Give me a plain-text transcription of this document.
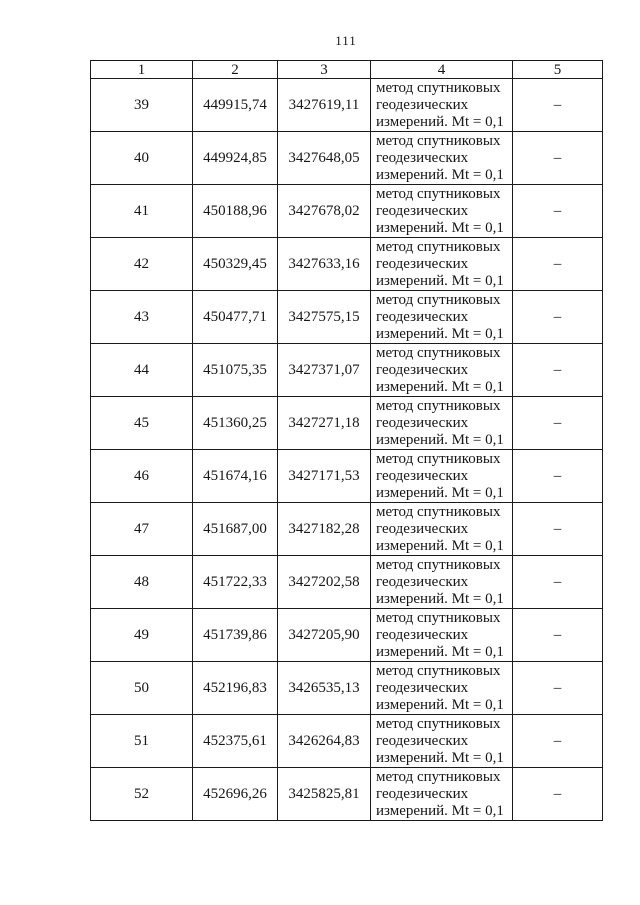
111
1	2	3	4	5
39	449915,74	3427619,11	метод спутниковых
геодезических
измерений. Mt = 0,1	–
40	449924,85	3427648,05	метод спутниковых
геодезических
измерений. Mt = 0,1	–
41	450188,96	3427678,02	метод спутниковых
геодезических
измерений. Mt = 0,1	–
42	450329,45	3427633,16	метод спутниковых
геодезических
измерений. Mt = 0,1	–
43	450477,71	3427575,15	метод спутниковых
геодезических
измерений. Mt = 0,1	–
44	451075,35	3427371,07	метод спутниковых
геодезических
измерений. Mt = 0,1	–
45	451360,25	3427271,18	метод спутниковых
геодезических
измерений. Mt = 0,1	–
46	451674,16	3427171,53	метод спутниковых
геодезических
измерений. Mt = 0,1	–
47	451687,00	3427182,28	метод спутниковых
геодезических
измерений. Mt = 0,1	–
48	451722,33	3427202,58	метод спутниковых
геодезических
измерений. Mt = 0,1	–
49	451739,86	3427205,90	метод спутниковых
геодезических
измерений. Mt = 0,1	–
50	452196,83	3426535,13	метод спутниковых
геодезических
измерений. Mt = 0,1	–
51	452375,61	3426264,83	метод спутниковых
геодезических
измерений. Mt = 0,1	–
52	452696,26	3425825,81	метод спутниковых
геодезических
измерений. Mt = 0,1	–
